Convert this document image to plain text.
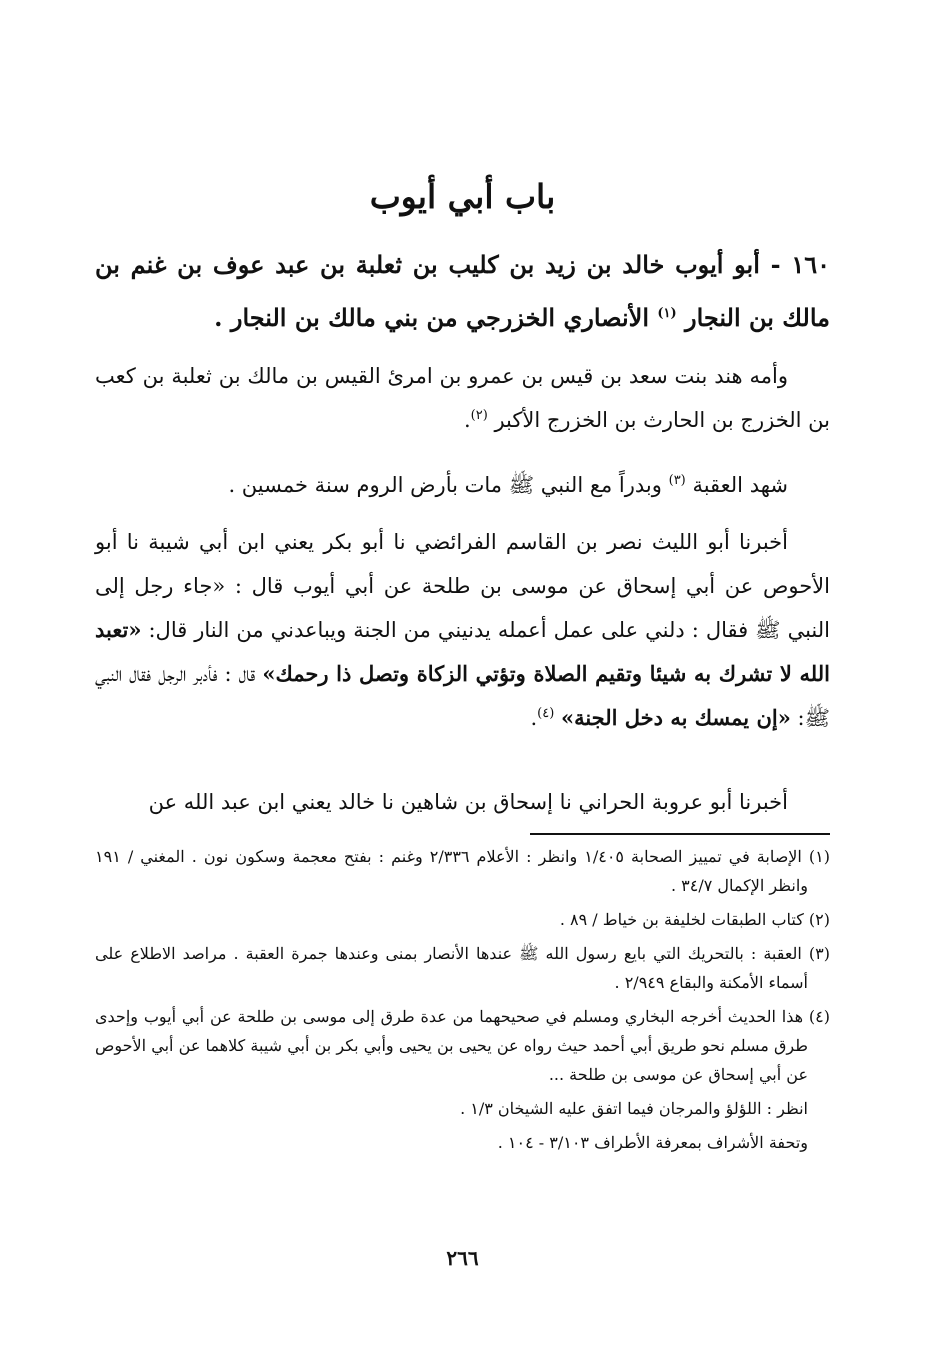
باب أبي أيوب
١٦٠ - أبو أيوب خالد بن زيد بن كليب بن ثعلبة بن عبد عوف بن غنم بن مالك بن النجار $^{(١)}$ الأنصاري الخزرجي من بني مالك بن النجار .
وأمه هند بنت سعد بن قيس بن عمرو بن امرئ القيس بن مالك بن ثعلبة بن كعب بن الخزرج بن الحارث بن الخزرج الأكبر $^{(٢)}$.
شهد العقبة $^{(٣)}$ وبدراً مع النبي ﷺ مات بأرض الروم سنة خمسين .
أخبرنا أبو الليث نصر بن القاسم الفرائضي نا أبو بكر يعني ابن أبي شيبة نا أبو الأحوص عن أبي إسحاق عن موسى بن طلحة عن أبي أيوب قال : «جاء رجل إلى النبي ﷺ فقال : دلني على عمل أعمله يدنيني من الجنة ويباعدني من النار قال: «تعبد الله لا تشرك به شيئا وتقيم الصلاة وتؤتي الزكاة وتصل ذا رحمك» قال : فأدبر الرجل فقال النبي ﷺ: «إن يمسك به دخل الجنة» $^{(٤)}$.
أخبرنا أبو عروبة الحراني نا إسحاق بن شاهين نا خالد يعني ابن عبد الله عن

(١) الإصابة في تمييز الصحابة ١/٤٠٥ وانظر : الأعلام ٢/٣٣٦ وغنم : بفتح معجمة وسكون نون . المغني / ١٩١ وانظر الإكمال ٣٤/٧ .

(٢) كتاب الطبقات لخليفة بن خياط / ٨٩ .

(٣) العقبة : بالتحريك التي بايع رسول الله ﷺ عندها الأنصار بمنى وعندها جمرة العقبة . مراصد الاطلاع على أسماء الأمكنة والبقاع ٢/٩٤٩ .

(٤) هذا الحديث أخرجه البخاري ومسلم في صحيحهما من عدة طرق إلى موسى بن طلحة عن أبي أيوب وإحدى طرق مسلم نحو طريق أبي أحمد حيث رواه عن يحيى بن يحيى وأبي بكر بن أبي شيبة كلاهما عن أبي الأحوص عن أبي إسحاق عن موسى بن طلحة ...

انظر : اللؤلؤ والمرجان فيما اتفق عليه الشيخان ١/٣ .

وتحفة الأشراف بمعرفة الأطراف ٣/١٠٣ - ١٠٤ .

٢٦٦
